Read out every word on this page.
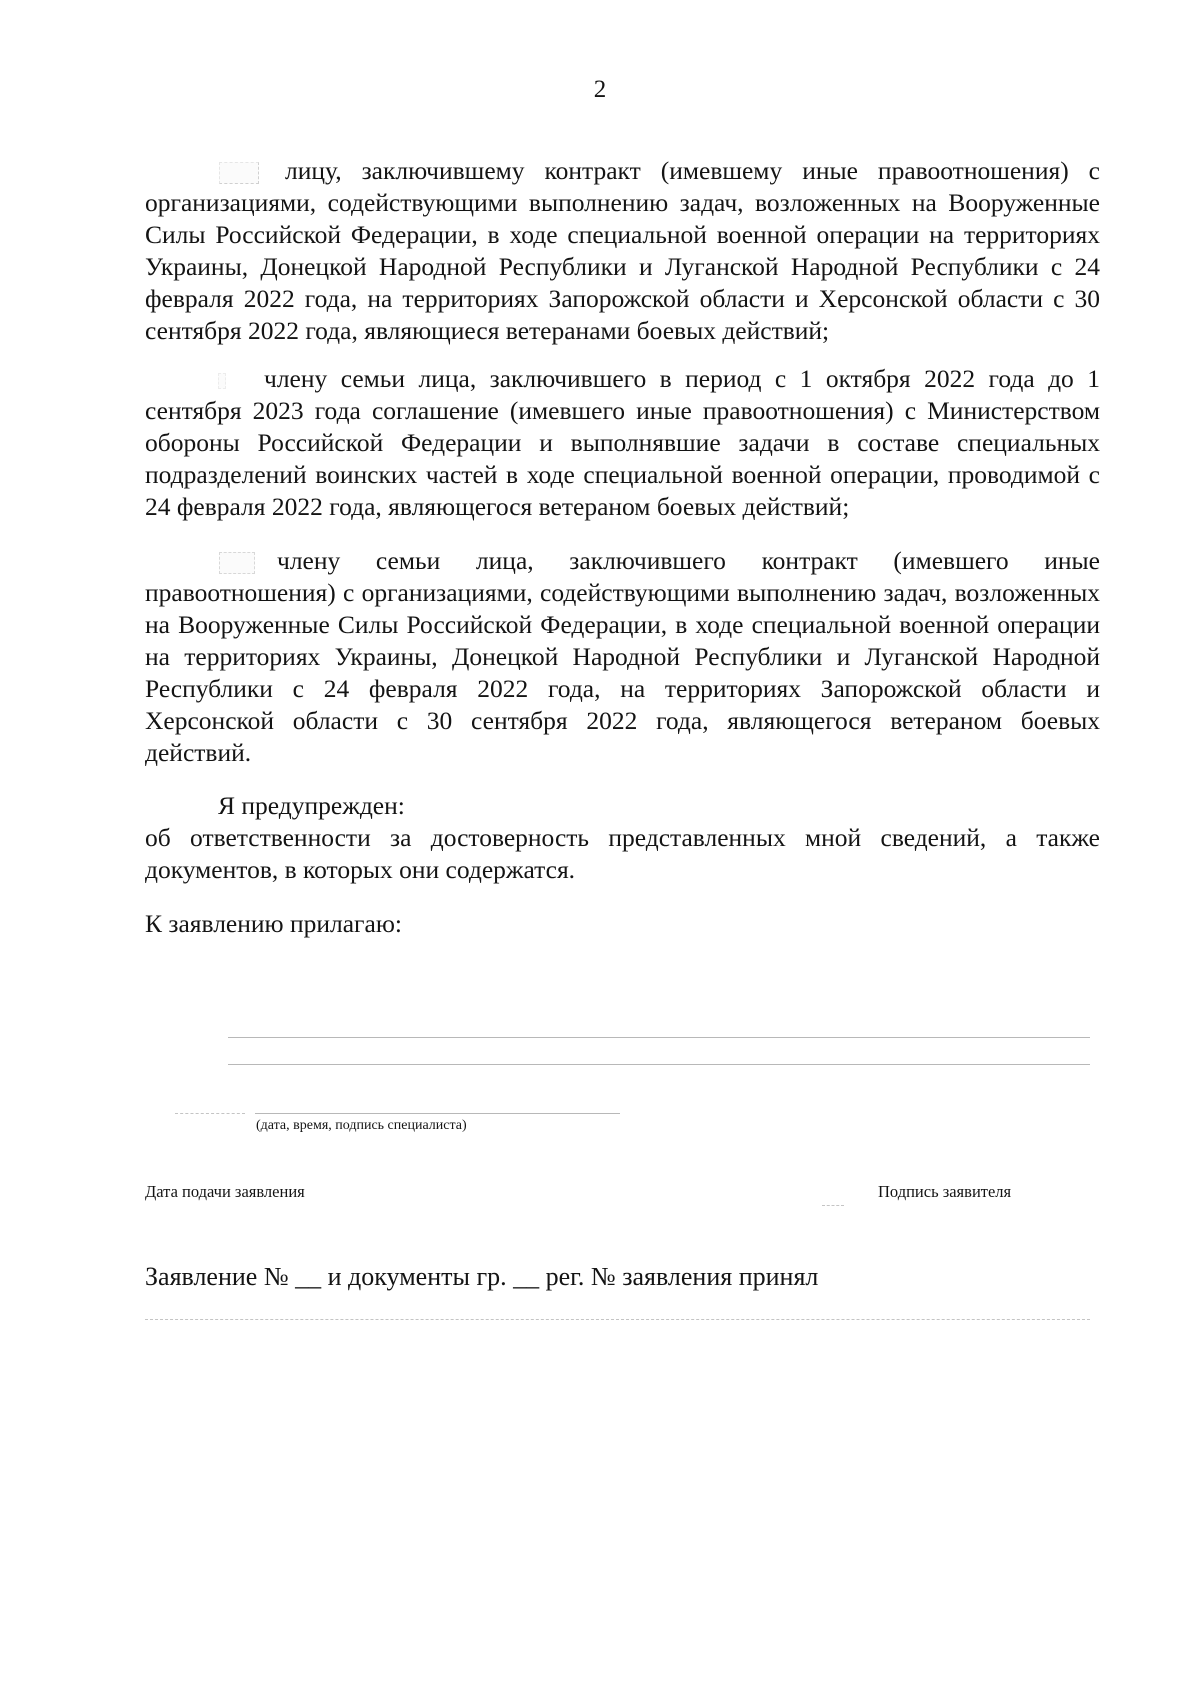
2

лицу, заключившему контракт (имевшему иные правоотношения) с организациями, содействующими выполнению задач, возложенных на Вооруженные Силы Российской Федерации, в ходе специальной военной операции на территориях Украины, Донецкой Народной Республики и Луганской Народной Республики с 24 февраля 2022 года, на территориях Запорожской области и Херсонской области с 30 сентября 2022 года, являющиеся ветеранами боевых действий;

члену семьи лица, заключившего в период с 1 октября 2022 года до 1 сентября 2023 года соглашение (имевшего иные правоотношения) с Министерством обороны Российской Федерации и выполнявшие задачи в составе специальных подразделений воинских частей в ходе специальной военной операции, проводимой с 24 февраля 2022 года, являющегося ветераном боевых действий;

члену семьи лица, заключившего контракт (имевшего иные правоотношения) с организациями, содействующими выполнению задач, возложенных на Вооруженные Силы Российской Федерации, в ходе специальной военной операции на территориях Украины, Донецкой Народной Республики и Луганской Народной Республики с 24 февраля 2022 года, на территориях Запорожской области и Херсонской области с 30 сентября 2022 года, являющегося ветераном боевых действий.

Я предупрежден:
об ответственности за достоверность представленных мной сведений, а также документов, в которых они содержатся.

К заявлению прилагаю:

(дата, время, подпись специалиста)
Дата подачи заявления	Подпись заявителя
Заявление № __ и документы гр. __ рег. № заявления принял
